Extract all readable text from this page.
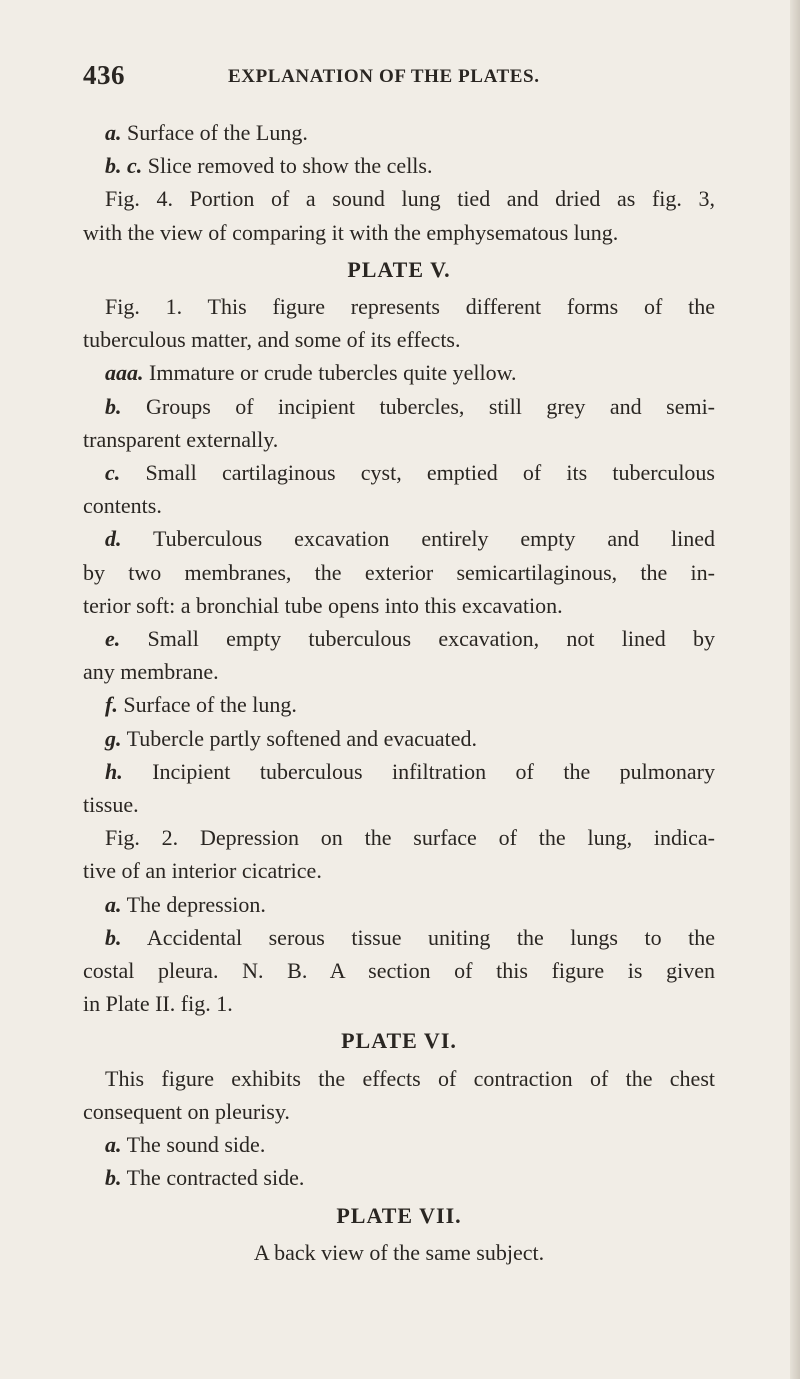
436	EXPLANATION OF THE PLATES.

a. Surface of the Lung.

b. c. Slice removed to show the cells.

Fig. 4. Portion of a sound lung tied and dried as fig. 3,

with the view of comparing it with the emphysematous lung.

PLATE V.

Fig. 1. This figure represents different forms of the

tuberculous matter, and some of its effects.

aaa. Immature or crude tubercles quite yellow.

b. Groups of incipient tubercles, still grey and semi-

transparent externally.

c. Small cartilaginous cyst, emptied of its tuberculous

contents.

d. Tuberculous excavation entirely empty and lined

by two membranes, the exterior semicartilaginous, the in-

terior soft: a bronchial tube opens into this excavation.

e. Small empty tuberculous excavation, not lined by

any membrane.

f. Surface of the lung.

g. Tubercle partly softened and evacuated.

h. Incipient tuberculous infiltration of the pulmonary

tissue.

Fig. 2. Depression on the surface of the lung, indica-

tive of an interior cicatrice.

a. The depression.

b. Accidental serous tissue uniting the lungs to the

costal pleura. N. B. A section of this figure is given

in Plate II. fig. 1.

PLATE VI.

This figure exhibits the effects of contraction of the chest

consequent on pleurisy.

a. The sound side.

b. The contracted side.

PLATE VII.
A back view of the same subject.
